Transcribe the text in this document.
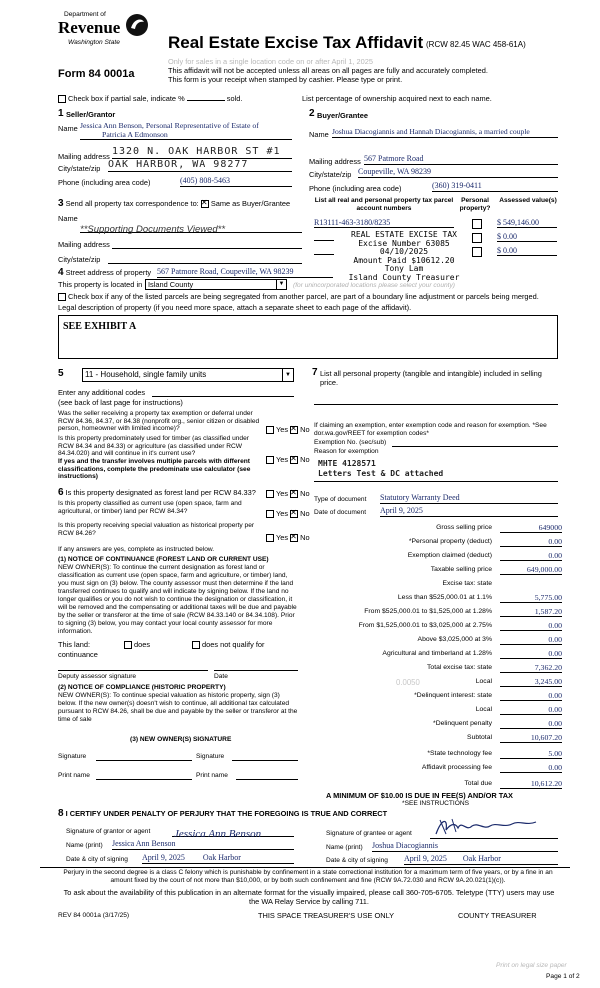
Department of
Revenue
Washington State
Form 84 0001a
Real Estate Excise Tax Affidavit (RCW 82.45 WAC 458-61A)
Only for sales in a single location code on or after April 1, 2025
This affidavit will not be accepted unless all areas on all pages are fully and accurately completed.
This form is your receipt when stamped by cashier. Please type or print.
Check box if partial sale, indicate %	sold.	List percentage of ownership acquired next to each name.
1 Seller/Grantor
Name Jessica Ann Benson, Personal Representative of Estate of
Patricia A Edmonson
Mailing address 1320 N. OAK HARBOR ST #1
City/state/zip OAK HARBOR, WA 98277
Phone (including area code)	(405) 808-5463
2 Buyer/Grantee
Name Joshua Diacogiannis and Hannah Diacogiannis, a married couple
Mailing address 567 Patmore Road
City/state/zip Coupeville, WA 98239
Phone (including area code)	(360) 319-0411
3 Send all property tax correspondence to: ✕ Same as Buyer/Grantee
Name
**Supporting Documents Viewed**
Mailing address
City/state/zip
List all real and personal property tax parcel account numbers
Personal property?
Assessed value(s)
R13111-463-3180/8235	$ 549,146.00
$ 0.00
$ 0.00
REAL ESTATE EXCISE TAX
Excise Number 63085
04/10/2025
Amount Paid $10612.20
Tony Lam
Island County Treasurer
4 Street address of property 567 Patmore Road, Coupeville, WA 98239
This property is located in Island County	▼ (for unincorporated locations please select your county)
Check box if any of the listed parcels are being segregated from another parcel, are part of a boundary line adjustment or parcels being merged.
Legal description of property (if you need more space, attach a separate sheet to each page of the affidavit).
SEE EXHIBIT A
5	11 - Household, single family units	▼
Enter any additional codes
(see back of last page for instructions)
Was the seller receiving a property tax exemption or deferral under RCW 84.36, 84.37, or 84.38 (nonprofit org., senior citizen or disabled person, homeowner with limited income)?	Yes ✕ No
Is this property predominately used for timber (as classified under RCW 84.34 and 84.33) or agriculture (as classified under RCW 84.34.020) and will continue in it's current use?
If yes and the transfer involves multiple parcels with different classifications, complete the predominate use calculator (see instructions)
Yes ✕ No
6 Is this property designated as forest land per RCW 84.33?	Yes ✕ No
Is this property classified as current use (open space, farm and agricultural, or timber) land per RCW 84.34?	Yes ✕ No
Is this property receiving special valuation as historical property per RCW 84.26?	Yes ✕ No
If any answers are yes, complete as instructed below.
(1) NOTICE OF CONTINUANCE (FOREST LAND OR CURRENT USE)
NEW OWNER(S): To continue the current designation as forest land or classification as current use (open space, farm and agriculture, or timber) land, you must sign on (3) below. The county assessor must then determine if the land transferred continues to qualify and will indicate by signing below. If the land no longer qualifies or you do not wish to continue the designation or classification, it will be removed and the compensating or additional taxes will be due and payable by the seller or transferor at the time of sale (RCW 84.33.140 or 84.34.108). Prior to signing (3) below, you may contact your local county assessor for more information.
This land:	does	does not qualify for
continuance
Deputy assessor signature	Date
(2) NOTICE OF COMPLIANCE (HISTORIC PROPERTY)
NEW OWNER(S): To continue special valuation as historic property, sign (3) below. If the new owner(s) doesn't wish to continue, all additional tax calculated pursuant to RCW 84.26, shall be due and payable by the seller or transferor at the time of sale
(3) NEW OWNER(S) SIGNATURE
Signature	Signature
Print name	Print name
7 List all personal property (tangible and intangible) included in selling price.
If claiming an exemption, enter exemption code and reason for exemption. *See dor.wa.gov/REET for exemption codes*
Exemption No. (sec/sub)
Reason for exemption
MHTE 4128571
Letters Test & DC attached
Type of document Statutory Warranty Deed
Date of document April 9, 2025
Gross selling price	649000
*Personal property (deduct)	0.00
Exemption claimed (deduct)	0.00
Taxable selling price	649,000.00
Excise tax: state
Less than $525,000.01 at 1.1%	5,775.00
From $525,000.01 to $1,525,000 at 1.28%	1,587.20
From $1,525,000.01 to $3,025,000 at 2.75%	0.00
Above $3,025,000 at 3%	0.00
Agricultural and timberland at 1.28%	0.00
Total excise tax: state	7,362.20
0.0050	Local	3,245.00
*Delinquent interest: state	0.00
Local	0.00
*Delinquent penalty	0.00
Subtotal	10,607.20
*State technology fee	5.00
Affidavit processing fee	0.00
Total due	10,612.20
A MINIMUM OF $10.00 IS DUE IN FEE(S) AND/OR TAX
*SEE INSTRUCTIONS
8 I CERTIFY UNDER PENALTY OF PERJURY THAT THE FOREGOING IS TRUE AND CORRECT
Signature of grantor or agent Jessica Ann Benson
Name (print) Jessica Ann Benson
Date & city of signing April 9, 2025 Oak Harbor
Signature of grantee or agent
Name (print) Joshua Diacogiannis
Date & city of signing April 9, 2025 Oak Harbor
Perjury in the second degree is a class C felony which is punishable by confinement in a state correctional institution for a maximum term of five years, or by a fine in an amount fixed by the court of not more than $10,000, or by both such confinement and fine (RCW 9A.72.030 and RCW 9A.20.021(1)(c)).
To ask about the availability of this publication in an alternate format for the visually impaired, please call 360-705-6705. Teletype (TTY) users may use the WA Relay Service by calling 711.
REV 84 0001a (3/17/25)	THIS SPACE TREASURER'S USE ONLY	COUNTY TREASURER
Print on legal size paper
Page 1 of 2
